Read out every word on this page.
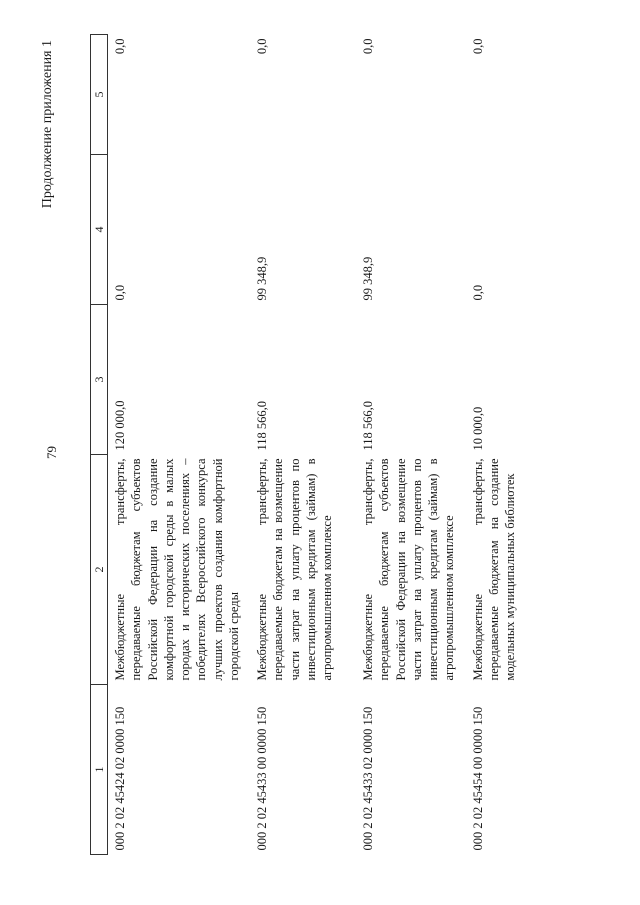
79
Продолжение приложения 1
1	2	3	4	5
000 2 02 45424 02 0000 150	Межбюджетные трансферты, передаваемые бюджетам субъектов Российской Федерации на создание комфортной городской среды в малых городах и исторических поселениях – победителях Всероссийского конкурса лучших проектов создания комфортной городской среды	120 000,0	0,0	0,0
000 2 02 45433 00 0000 150	Межбюджетные трансферты, передаваемые бюджетам на возмещение части затрат на уплату процентов по инвестиционным кредитам (займам) в агропромышленном комплексе	118 566,0	99 348,9	0,0
000 2 02 45433 02 0000 150	Межбюджетные трансферты, передаваемые бюджетам субъектов Российской Федерации на возмещение части затрат на уплату процентов по инвестиционным кредитам (займам) в агропромышленном комплексе	118 566,0	99 348,9	0,0
000 2 02 45454 00 0000 150	Межбюджетные трансферты, передаваемые бюджетам на создание модельных муниципальных библиотек	10 000,0	0,0	0,0
